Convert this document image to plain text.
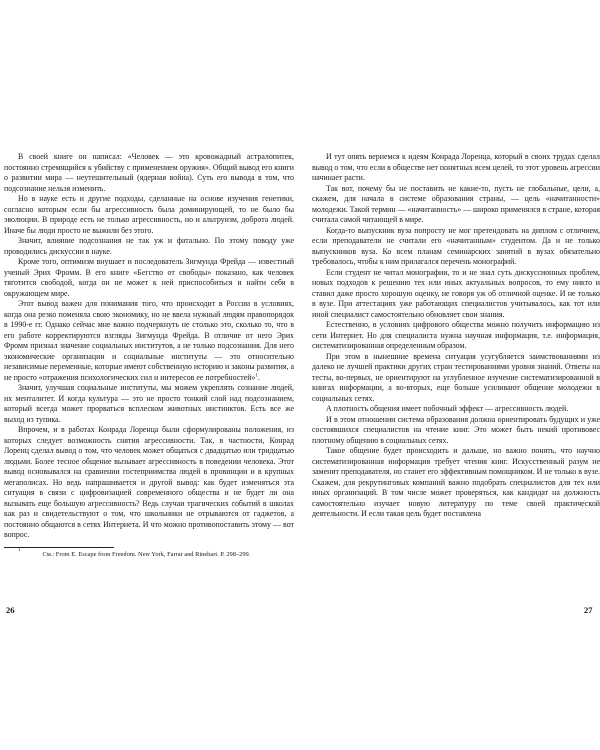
В своей книге он написал: «Человек — это кровожадный астралопитек, постоянно стремящийся к убийству с применением оружия». Общий вывод его книги о развитии мира — неутешительный (ядерная война). Суть его вывода в том, что подсознание нельзя изменить.

Но в науке есть и другие подходы, сделанные на основе изучения генетики, согласно которым если бы агрессивность была доминирующей, то не было бы эволюции. В природе есть не только агрессивность, но и альтруизм, доброта людей. Иначе бы люди просто не выжили без этого.

Значит, влияние подсознания не так уж и фатально. По этому поводу уже проводились дискуссии в науке.

Кроме того, оптимизм внушает и последователь Зигмунда Фрейда — известный ученый Эрих Фромм. В его книге «Бегство от свободы» показано, как человек тяготится свободой, когда он не может к ней приспособиться и найти себя в окружающем мире.

Этот вывод важен для понимания того, что происходит в России в условиях, когда она резко поменяла свою экономику, но не ввела нужный людям правопорядок в 1990-е гг. Однако сейчас мне важно подчеркнуть не столько это, сколько то, что в его работе корректируются взгляды Зигмунда Фрейда. В отличие от него Эрих Фромм признал значение социальных институтов, а не только подсознания. Для него экономические организации и социальные институты — это относительно независимые переменные, которые имеют собственную историю и законы развития, а не просто «отражения психологических сил и интересов ее потребностей»$^1$.

Значит, улучшая социальные институты, мы можем укреплять сознание людей, их менталитет. И когда культура — это не просто тонкий слой над подсознанием, который всегда может прорваться всплеском животных инстинктов. Есть все же выход из тупика.

Впрочем, и в работах Конрада Лоренца были сформулированы положения, из которых следует возможность снятия агрессивности. Так, в частности, Конрад Лоренц сделал вывод о том, что человек может общаться с двадцатью или тридцатью людьми. Более тесное общение вызывает агрессивность в поведении человека. Этот вывод основывался на сравнении гостеприимства людей в провинции и в крупных мегаполисах. Но ведь напрашивается и другой вывод: как будет изменяться эта ситуация в связи с цифровизацией современного общества и не будет ли она вызывать еще большую агрессивность? Ведь случаи трагических событий в школах как раз и свидетельствуют о том, что школьники не отрываются от гаджетов, а постоянно общаются в сетях Интернета. И что можно противопоставить этому — вот вопрос.

1
См.: From E. Escape from Freedom. New York, Farrar and Rinehart. P. 298–299.

И тут опять вернемся к идеям Конрада Лоренца, который в своих трудах сделал вывод о том, что если в обществе нет понятных всем целей, то этот уровень агрессии начинает расти.

Так вот, почему бы не поставить не какие-то, пусть не глобальные, цели, а, скажем, для начала в системе образования страны, — цель «начитанности» молодежи. Такой термин — «начитанность» — широко применялся в стране, которая считала самой читающей в мире.

Когда-то выпускник вуза попросту не мог претендовать на диплом с отличием, если преподаватели не считали его «начитанным» студентом. Да и не только выпускников вуза. Ко всем планам семинарских занятий в вузах обязательно требовалось, чтобы к ним прилагался перечень монографий.

Если студент не читал монографии, то и не знал суть дискуссионных проблем, новых подходов к решению тех или иных актуальных вопросов, то ему никто и ставил даже просто хорошую оценку, не говоря уж об отличной оценке. И не только в вузе. При аттестациях уже работающих специалистов учитывалось, как тот или иной специалист самостоятельно обновляет свои знания.

Естественно, в условиях цифрового общества можно получить информацию из сети Интернет. Но для специалиста нужна научная информация, т.е. информация, систематизированная определенным образом.

При этом в нынешние времена ситуация усугубляется заимствованиями из далеко не лучшей практики других стран тестированиями уровня знаний. Ответы на тесты, во-первых, не ориентируют на углубленное изучение систематизированной в книгах информации, а во-вторых, еще больше усиливают общение молодежи в социальных сетях.

А плотность общения имеет побочный эффект — агрессивность людей.

И в этом отношении система образования должна ориентировать будущих и уже состоявшихся специалистов на чтение книг. Это может быть некий противовес плотному общению в социальных сетях.

Такое общение будет происходить и дальше, но важно понять, что научно систематизированная информация требует чтения книг. Искусственный разум не заменит преподавателя, но станет его эффективным помощником. И не только в вузе. Скажем, для рекрутинговых компаний важно подобрать специалистов для тех или иных организаций. В том числе может проверяться, как кандидат на должность самостоятельно изучает новую литературу по теме своей практической деятельности. И если такая цель будет поставлена

26	27
